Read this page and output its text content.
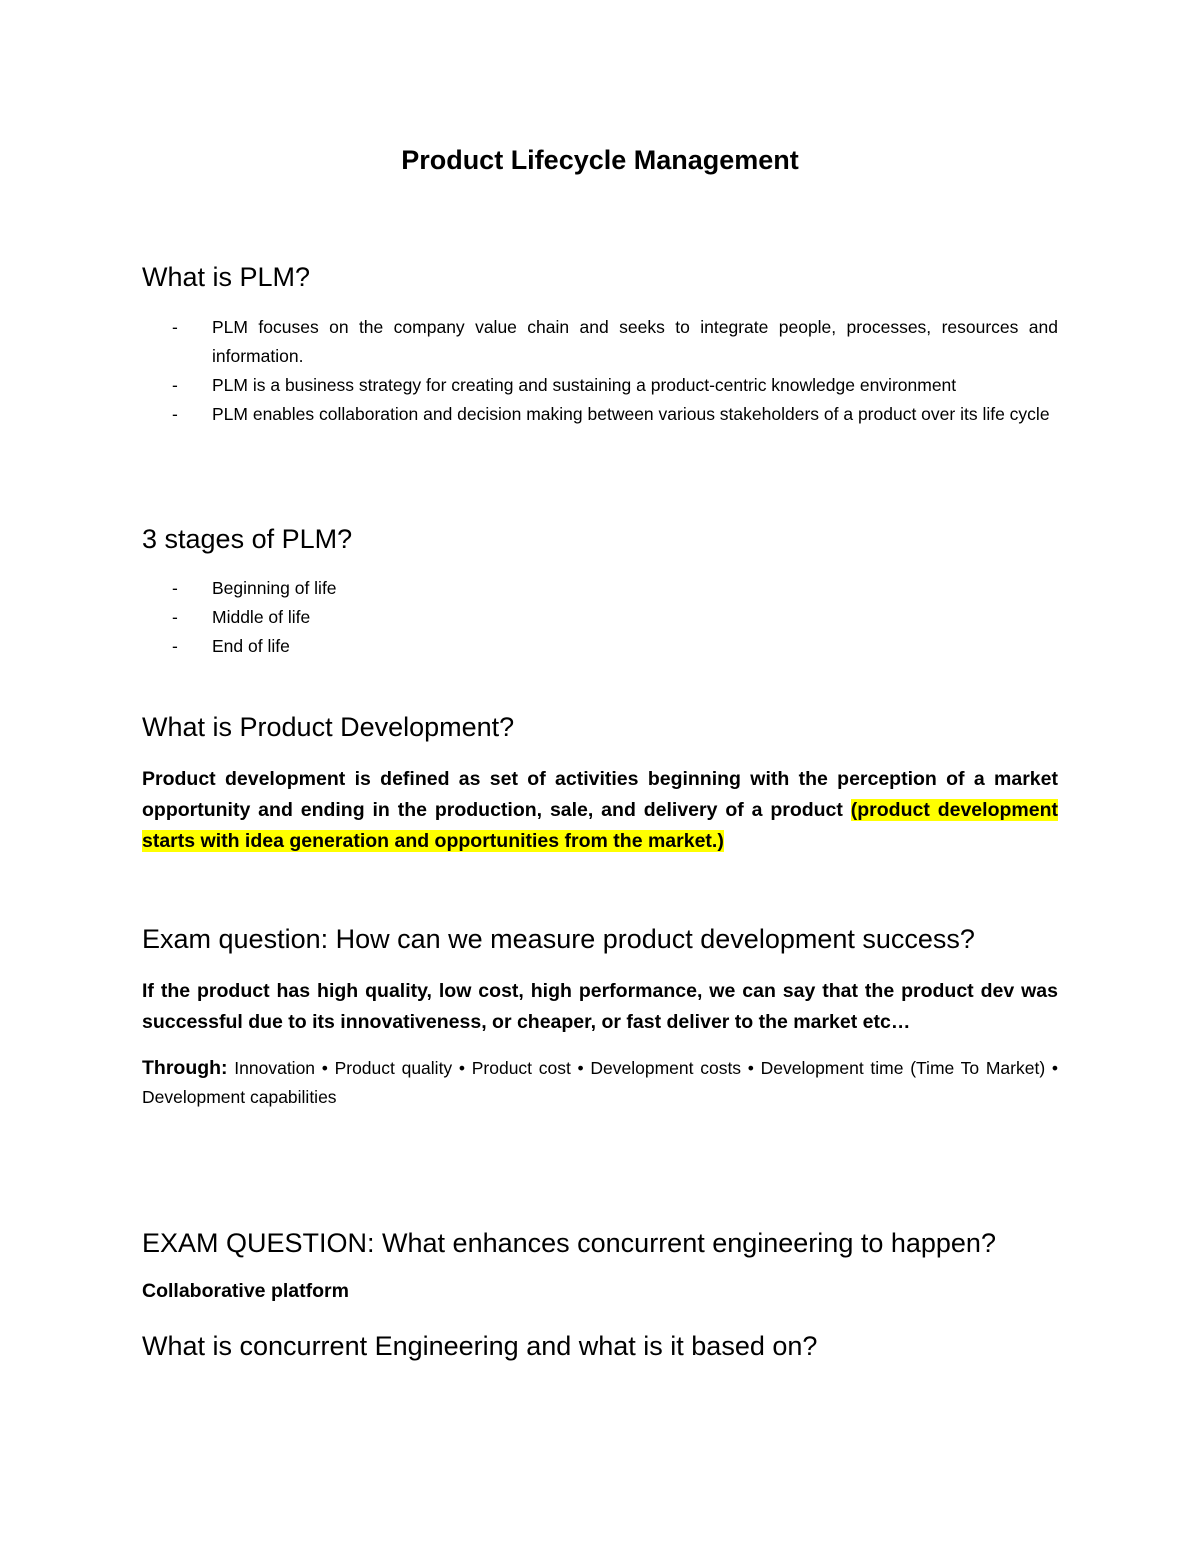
Product Lifecycle Management
What is PLM?
- PLM focuses on the company value chain and seeks to integrate people, processes, resources and information.
- PLM is a business strategy for creating and sustaining a product-centric knowledge environment
- PLM enables collaboration and decision making between various stakeholders of a product over its life cycle
3 stages of PLM?
- Beginning of life
- Middle of life
- End of life
What is Product Development?
Product development is defined as set of activities beginning with the perception of a market opportunity and ending in the production, sale, and delivery of a product (product development starts with idea generation and opportunities from the market.)
Exam question: How can we measure product development success?
If the product has high quality, low cost, high performance, we can say that the product dev was successful due to its innovativeness, or cheaper, or fast deliver to the market etc…
Through: Innovation • Product quality • Product cost • Development costs • Development time (Time To Market) • Development capabilities
EXAM QUESTION: What enhances concurrent engineering to happen?
Collaborative platform
What is concurrent Engineering and what is it based on?
